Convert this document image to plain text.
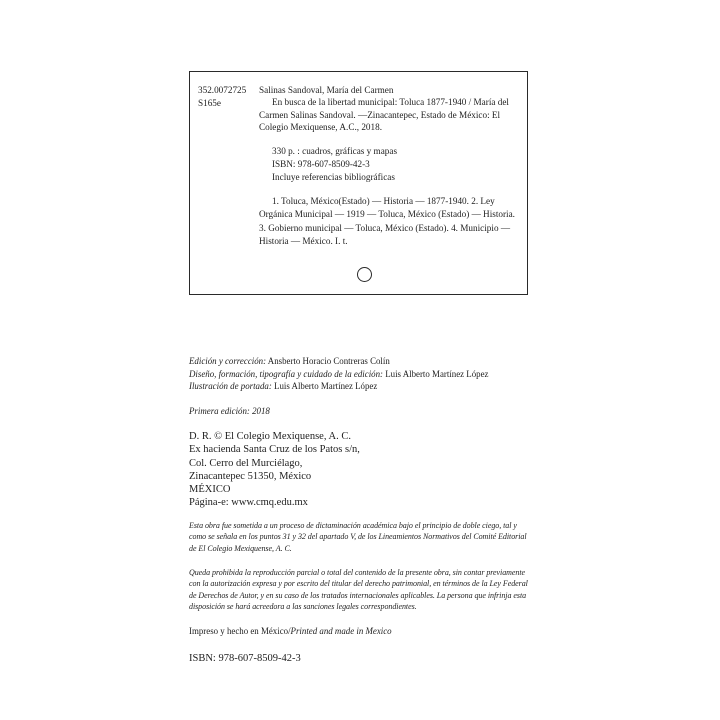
352.0072725
S165e
Salinas Sandoval, María del Carmen
En busca de la libertad municipal: Toluca 1877-1940 / María del Carmen Salinas Sandoval. —Zinacantepec, Estado de México: El Colegio Mexiquense, A.C., 2018.
330 p. : cuadros, gráficas y mapas
ISBN: 978-607-8509-42-3
Incluye referencias bibliográficas
1. Toluca, México(Estado) — Historia — 1877-1940. 2. Ley Orgánica Municipal — 1919 — Toluca, México (Estado) — Historia. 3. Gobierno municipal — Toluca, México (Estado). 4. Municipio — Historia — México. I. t.
Edición y corrección: Ansberto Horacio Contreras Colín
Diseño, formación, tipografía y cuidado de la edición: Luis Alberto Martínez López
Ilustración de portada: Luis Alberto Martínez López
Primera edición: 2018
D. R. © El Colegio Mexiquense, A. C.
Ex hacienda Santa Cruz de los Patos s/n,
Col. Cerro del Murciélago,
Zinacantepec 51350, México
MÉXICO
Página-e: www.cmq.edu.mx
Esta obra fue sometida a un proceso de dictaminación académica bajo el principio de doble ciego, tal y
como se señala en los puntos 31 y 32 del apartado V, de los Lineamientos Normativos del Comité Editorial
de El Colegio Mexiquense, A. C.
Queda prohibida la reproducción parcial o total del contenido de la presente obra, sin contar previamente
con la autorización expresa y por escrito del titular del derecho patrimonial, en términos de la Ley Federal
de Derechos de Autor, y en su caso de los tratados internacionales aplicables. La persona que infrinja esta
disposición se hará acreedora a las sanciones legales correspondientes.
Impreso y hecho en México/Printed and made in Mexico
ISBN: 978-607-8509-42-3
